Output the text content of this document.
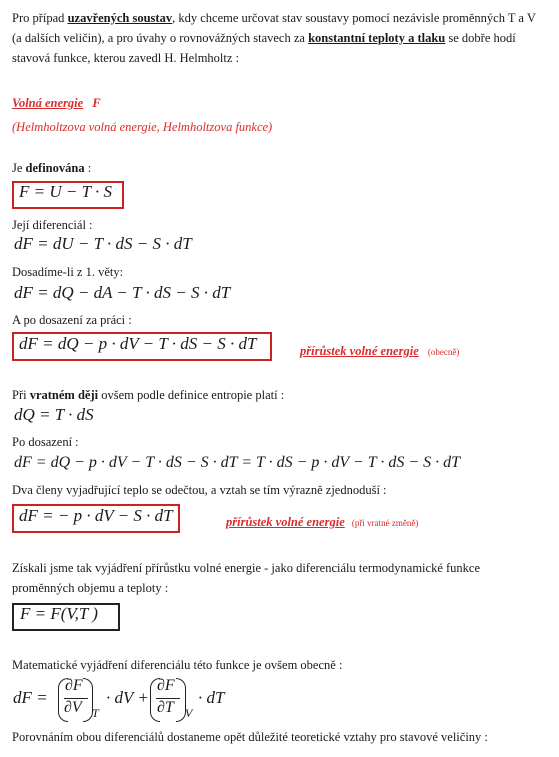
Pro případ uzavřených soustav, kdy chceme určovat stav soustavy pomocí nezávisle proměnných T a V
(a dalších veličin), a pro úvahy o rovnovážných stavech za konstantní teploty a tlaku se dobře hodí
stavová funkce, kterou zavedl H. Helmholtz :
Volná energie F
(Helmholtzova volná energie, Helmholtzova funkce)
Je definována :
F = U − T · S
Její diferenciál :
dF = dU − T · dS − S · dT
Dosadíme-li z 1. věty:
dF = dQ − dA − T · dS − S · dT
A po dosazení za práci :
dF = dQ − p · dV − T · dS − S · dT	přírůstek volné energie (obecně)
Při vratném ději ovšem podle definice entropie platí :
dQ = T · dS
Po dosazení :
dF = dQ − p · dV − T · dS − S · dT = T · dS − p · dV − T · dS − S · dT
Dva členy vyjadřující teplo se odečtou, a vztah se tím výrazně zjednoduší :
dF = − p · dV − S · dT	přírůstek volné energie (při vratné změně)
Získali jsme tak vyjádření přírůstku volné energie - jako diferenciálu termodynamické funkce
proměnných objemu a teploty :
F = F(V,T )
Matematické vyjádření diferenciálu této funkce je ovšem obecně :
dF =
∂F
∂V T
· dV +
∂F
∂T V
· dT
Porovnáním obou diferenciálů dostaneme opět důležité teoretické vztahy pro stavové veličiny :
